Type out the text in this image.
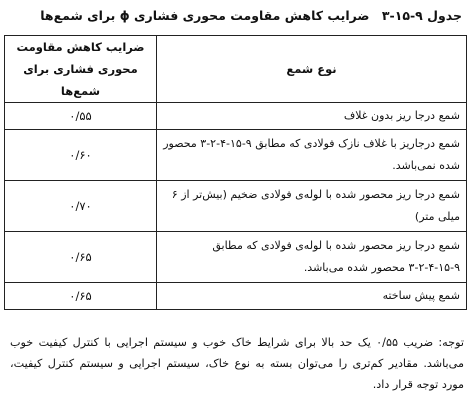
جدول ۹-۱۵-۳ ضرایب کاهش مقاومت محوری فشاری ϕ برای شمع‌ها
نوع شمع	ضرایب کاهش مقاومت محوری فشاری برای شمع‌ها
شمع درجا ریز بدون غلاف	۰/۵۵
شمع درجاریز با غلاف نازک فولادی که مطابق ۹-۱۵-۴-۲-۳ محصور شده نمی‌باشد.	۰/۶۰
شمع درجا ریز محصور شده با لوله‌ی فولادی ضخیم (بیش‌تر از ۶ میلی متر)	۰/۷۰
شمع درجا ریز محصور شده با لوله‌ی فولادی که مطابق ۹-۱۵-۴-۲-۳ محصور شده می‌باشد.	۰/۶۵
شمع پیش ساخته	۰/۶۵
توجه: ضریب ۰/۵۵ یک حد بالا برای شرایط خاک خوب و سیستم اجرایی با کنترل کیفیت خوب می‌باشد. مقادیر کم‌تری را می‌توان بسته به نوع خاک، سیستم اجرایی و سیستم کنترل کیفیت، مورد توجه قرار داد.
